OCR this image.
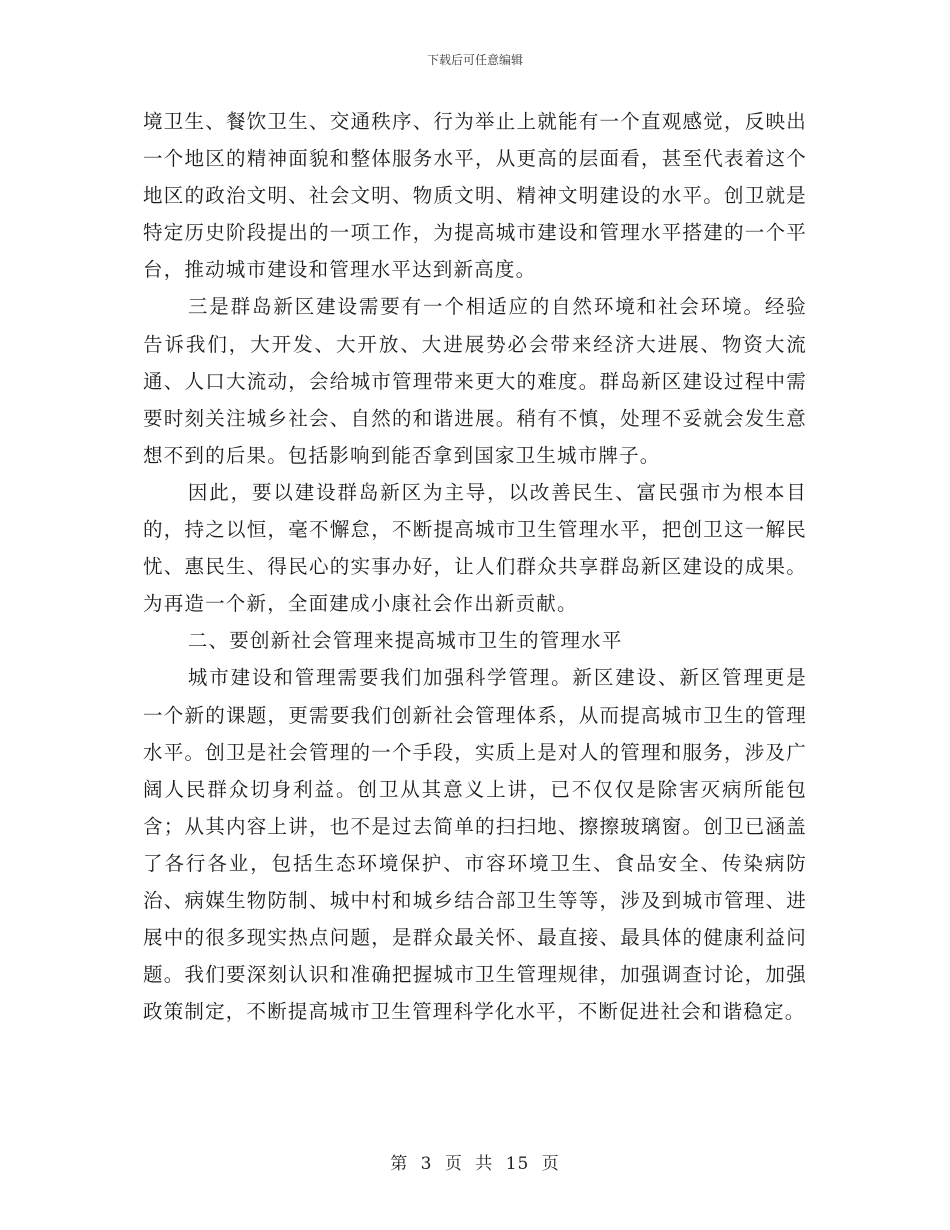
下载后可任意编辑

境卫生、餐饮卫生、交通秩序、行为举止上就能有一个直观感觉，反映出一个地区的精神面貌和整体服务水平，从更高的层面看，甚至代表着这个地区的政治文明、社会文明、物质文明、精神文明建设的水平。创卫就是特定历史阶段提出的一项工作，为提高城市建设和管理水平搭建的一个平台，推动城市建设和管理水平达到新高度。

三是群岛新区建设需要有一个相适应的自然环境和社会环境。经验告诉我们，大开发、大开放、大进展势必会带来经济大进展、物资大流通、人口大流动，会给城市管理带来更大的难度。群岛新区建设过程中需要时刻关注城乡社会、自然的和谐进展。稍有不慎，处理不妥就会发生意想不到的后果。包括影响到能否拿到国家卫生城市牌子。

因此，要以建设群岛新区为主导，以改善民生、富民强市为根本目的，持之以恒，毫不懈怠，不断提高城市卫生管理水平，把创卫这一解民忧、惠民生、得民心的实事办好，让人们群众共享群岛新区建设的成果。为再造一个新，全面建成小康社会作出新贡献。

二、要创新社会管理来提高城市卫生的管理水平

城市建设和管理需要我们加强科学管理。新区建设、新区管理更是一个新的课题，更需要我们创新社会管理体系，从而提高城市卫生的管理水平。创卫是社会管理的一个手段，实质上是对人的管理和服务，涉及广阔人民群众切身利益。创卫从其意义上讲，已不仅仅是除害灭病所能包含；从其内容上讲，也不是过去简单的扫扫地、擦擦玻璃窗。创卫已涵盖了各行各业，包括生态环境保护、市容环境卫生、食品安全、传染病防治、病媒生物防制、城中村和城乡结合部卫生等等，涉及到城市管理、进展中的很多现实热点问题，是群众最关怀、最直接、最具体的健康利益问题。我们要深刻认识和准确把握城市卫生管理规律，加强调查讨论，加强政策制定，不断提高城市卫生管理科学化水平，不断促进社会和谐稳定。

第 3 页 共 15 页
